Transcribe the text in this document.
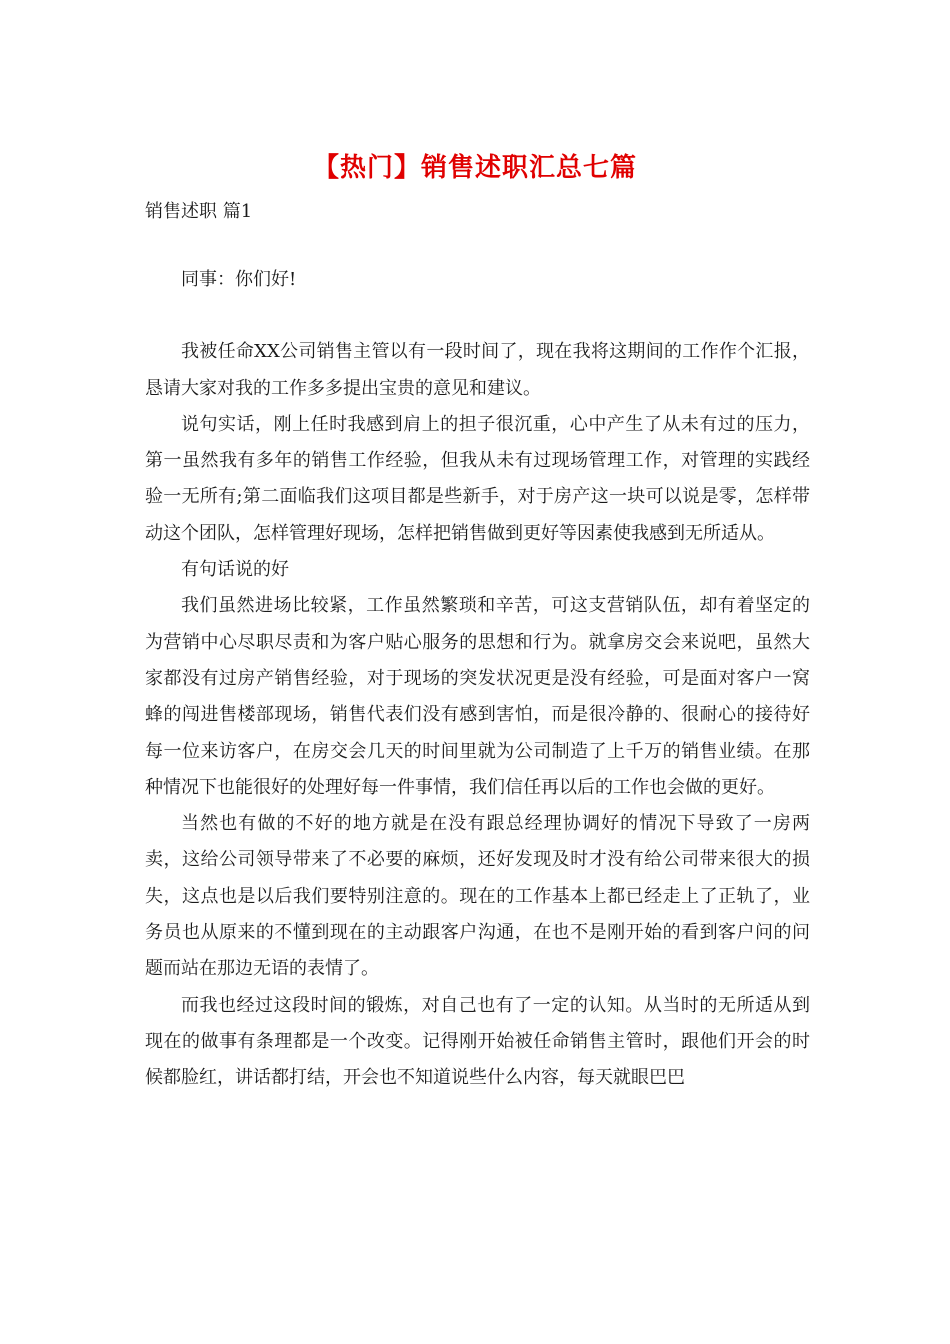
【热门】销售述职汇总七篇
销售述职 篇1

同事：你们好!

我被任命XX公司销售主管以有一段时间了，现在我将这期间的工作作个汇报，恳请大家对我的工作多多提出宝贵的意见和建议。

说句实话，刚上任时我感到肩上的担子很沉重，心中产生了从未有过的压力，第一虽然我有多年的销售工作经验，但我从未有过现场管理工作，对管理的实践经验一无所有;第二面临我们这项目都是些新手，对于房产这一块可以说是零，怎样带动这个团队，怎样管理好现场，怎样把销售做到更好等因素使我感到无所适从。

有句话说的好

我们虽然进场比较紧，工作虽然繁琐和辛苦，可这支营销队伍，却有着坚定的为营销中心尽职尽责和为客户贴心服务的思想和行为。就拿房交会来说吧，虽然大家都没有过房产销售经验，对于现场的突发状况更是没有经验，可是面对客户一窝蜂的闯进售楼部现场，销售代表们没有感到害怕，而是很冷静的、很耐心的接待好每一位来访客户，在房交会几天的时间里就为公司制造了上千万的销售业绩。在那种情况下也能很好的处理好每一件事情，我们信任再以后的工作也会做的更好。

当然也有做的不好的地方就是在没有跟总经理协调好的情况下导致了一房两卖，这给公司领导带来了不必要的麻烦，还好发现及时才没有给公司带来很大的损失，这点也是以后我们要特别注意的。现在的工作基本上都已经走上了正轨了，业务员也从原来的不懂到现在的主动跟客户沟通，在也不是刚开始的看到客户问的问题而站在那边无语的表情了。

而我也经过这段时间的锻炼，对自己也有了一定的认知。从当时的无所适从到现在的做事有条理都是一个改变。记得刚开始被任命销售主管时，跟他们开会的时候都脸红，讲话都打结，开会也不知道说些什么内容，每天就眼巴巴
